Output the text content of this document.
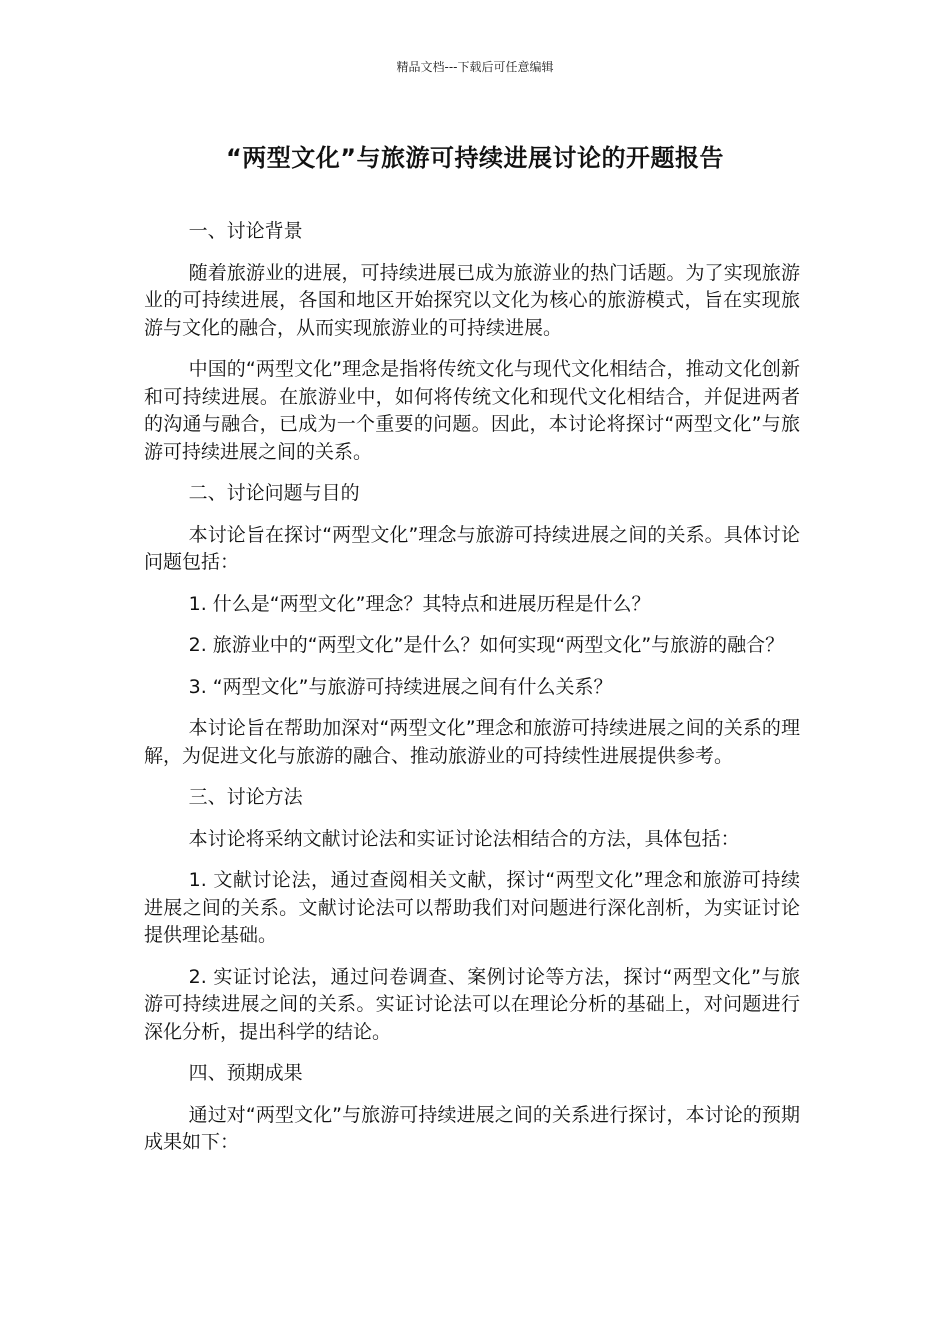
精品文档---下载后可任意编辑
“两型文化”与旅游可持续进展讨论的开题报告

一、讨论背景

随着旅游业的进展，可持续进展已成为旅游业的热门话题。为了实现旅游业的可持续进展，各国和地区开始探究以文化为核心的旅游模式，旨在实现旅游与文化的融合，从而实现旅游业的可持续进展。

中国的“两型文化”理念是指将传统文化与现代文化相结合，推动文化创新和可持续进展。在旅游业中，如何将传统文化和现代文化相结合，并促进两者的沟通与融合，已成为一个重要的问题。因此，本讨论将探讨“两型文化”与旅游可持续进展之间的关系。

二、讨论问题与目的

本讨论旨在探讨“两型文化”理念与旅游可持续进展之间的关系。具体讨论问题包括：

1. 什么是“两型文化”理念？其特点和进展历程是什么？

2. 旅游业中的“两型文化”是什么？如何实现“两型文化”与旅游的融合？

3. “两型文化”与旅游可持续进展之间有什么关系？

本讨论旨在帮助加深对“两型文化”理念和旅游可持续进展之间的关系的理解，为促进文化与旅游的融合、推动旅游业的可持续性进展提供参考。

三、讨论方法

本讨论将采纳文献讨论法和实证讨论法相结合的方法，具体包括：

1. 文献讨论法，通过查阅相关文献，探讨“两型文化”理念和旅游可持续进展之间的关系。文献讨论法可以帮助我们对问题进行深化剖析，为实证讨论提供理论基础。

2. 实证讨论法，通过问卷调查、案例讨论等方法，探讨“两型文化”与旅游可持续进展之间的关系。实证讨论法可以在理论分析的基础上，对问题进行深化分析，提出科学的结论。

四、预期成果

通过对“两型文化”与旅游可持续进展之间的关系进行探讨，本讨论的预期成果如下：
